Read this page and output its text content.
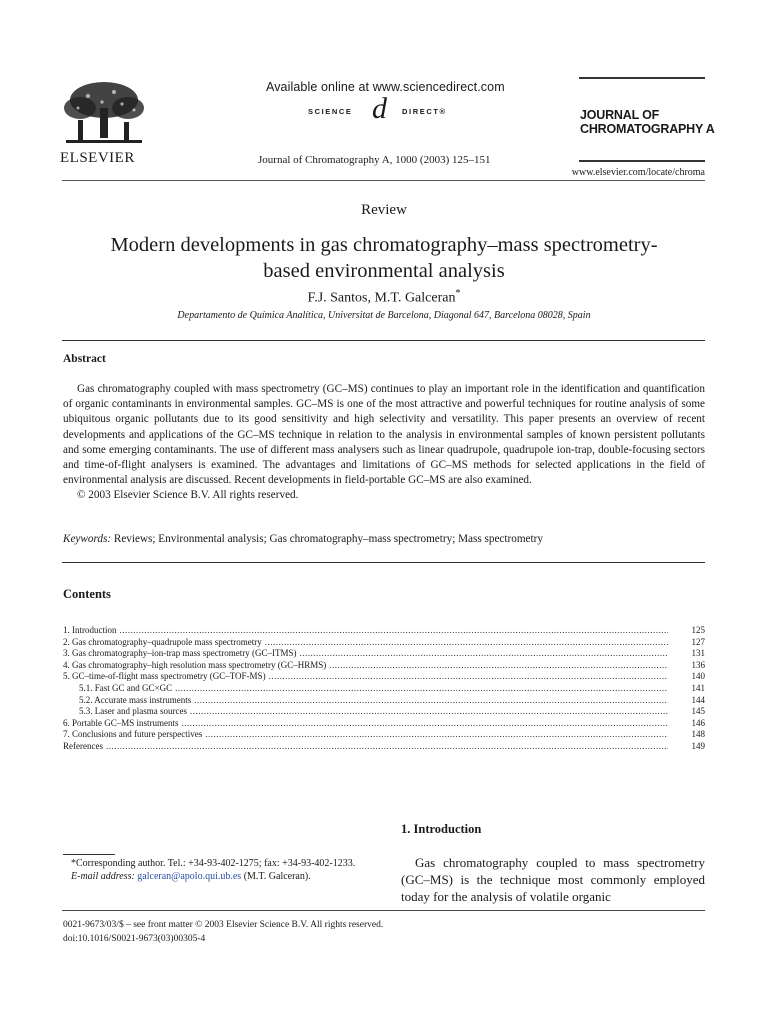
ELSEVIER
Available online at www.sciencedirect.com
SCIENCE d DIRECT®
Journal of Chromatography A, 1000 (2003) 125–151
JOURNAL OF
CHROMATOGRAPHY A
www.elsevier.com/locate/chroma
Review
Modern developments in gas chromatography–mass spectrometry-
based environmental analysis
F.J. Santos, M.T. Galceran*
Departamento de Química Analítica, Universitat de Barcelona, Diagonal 647, Barcelona 08028, Spain
Abstract

Gas chromatography coupled with mass spectrometry (GC–MS) continues to play an important role in the identification and quantification of organic contaminants in environmental samples. GC–MS is one of the most attractive and powerful techniques for routine analysis of some ubiquitous organic pollutants due to its good sensitivity and high selectivity and versatility. This paper presents an overview of recent developments and applications of the GC–MS technique in relation to the analysis in environmental samples of known persistent pollutants and some emerging contaminants. The use of different mass analysers such as linear quadrupole, quadrupole ion-trap, double-focusing sectors and time-of-flight analysers is examined. The advantages and limitations of GC–MS methods for selected applications in the field of environmental analysis are discussed. Recent developments in field-portable GC–MS are also examined.

© 2003 Elsevier Science B.V. All rights reserved.

Keywords: Reviews; Environmental analysis; Gas chromatography–mass spectrometry; Mass spectrometry
Contents
1. Introduction .....	125
2. Gas chromatography–quadrupole mass spectrometry .....	127
3. Gas chromatography–ion-trap mass spectrometry (GC–ITMS) .....	131
4. Gas chromatography–high resolution mass spectrometry (GC–HRMS) .....	136
5. GC–time-of-flight mass spectrometry (GC–TOF-MS) .....	140
5.1. Fast GC and GC×GC .....	141
5.2. Accurate mass instruments .....	144
5.3. Laser and plasma sources .....	145
6. Portable GC–MS instruments .....	146
7. Conclusions and future perspectives .....	148
References .....	149
1. Introduction

Gas chromatography coupled to mass spectrometry (GC–MS) is the technique most commonly employed today for the analysis of volatile organic

*Corresponding author. Tel.: +34-93-402-1275; fax: +34-93-402-1233.

E-mail address: galceran@apolo.qui.ub.es (M.T. Galceran).

0021-9673/03/$ – see front matter © 2003 Elsevier Science B.V. All rights reserved.
doi:10.1016/S0021-9673(03)00305-4
